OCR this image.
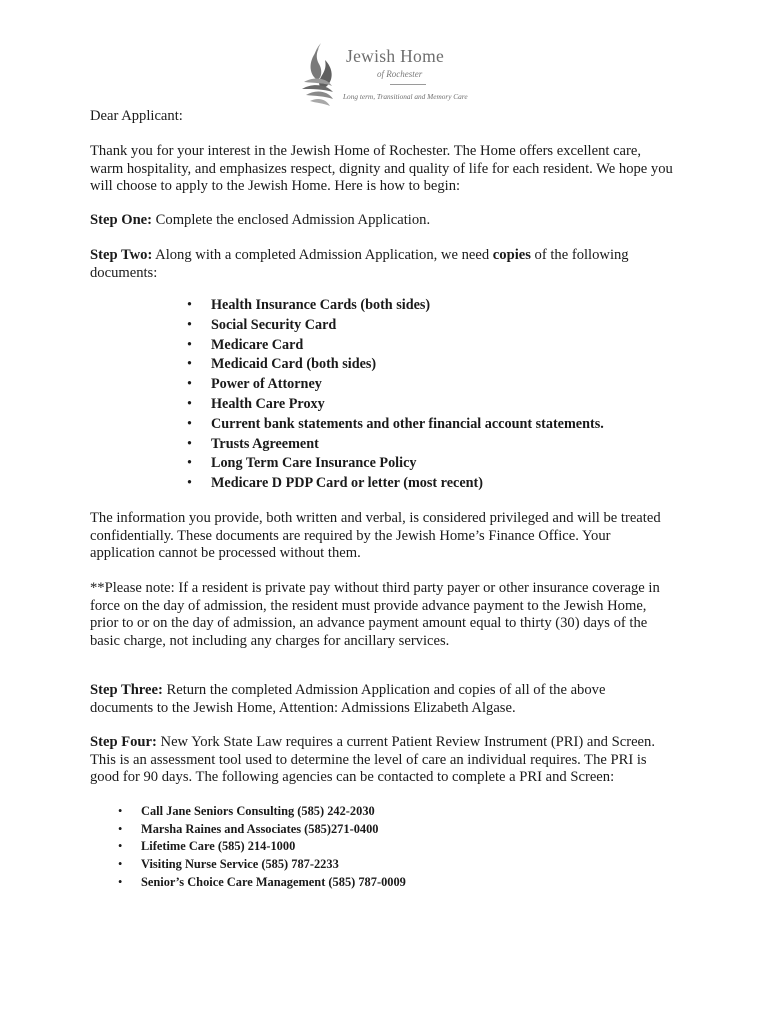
Jewish Home
of Rochester
Long term, Transitional and Memory Care

Dear Applicant:

Thank you for your interest in the Jewish Home of Rochester. The Home offers excellent care,
warm hospitality, and emphasizes respect, dignity and quality of life for each resident. We hope you
will choose to apply to the Jewish Home. Here is how to begin:

Step One: Complete the enclosed Admission Application.

Step Two: Along with a completed Admission Application, we need copies of the following
documents:

• Health Insurance Cards (both sides)
• Social Security Card
• Medicare Card
• Medicaid Card (both sides)
• Power of Attorney
• Health Care Proxy
• Current bank statements and other financial account statements.
• Trusts Agreement
• Long Term Care Insurance Policy
• Medicare D PDP Card or letter (most recent)

The information you provide, both written and verbal, is considered privileged and will be treated
confidentially. These documents are required by the Jewish Home’s Finance Office. Your
application cannot be processed without them.

**Please note: If a resident is private pay without third party payer or other insurance coverage in
force on the day of admission, the resident must provide advance payment to the Jewish Home,
prior to or on the day of admission, an advance payment amount equal to thirty (30) days of the
basic charge, not including any charges for ancillary services.

Step Three: Return the completed Admission Application and copies of all of the above
documents to the Jewish Home, Attention: Admissions Elizabeth Algase.

Step Four: New York State Law requires a current Patient Review Instrument (PRI) and Screen.
This is an assessment tool used to determine the level of care an individual requires. The PRI is
good for 90 days. The following agencies can be contacted to complete a PRI and Screen:

• Call Jane Seniors Consulting (585) 242-2030
• Marsha Raines and Associates (585)271-0400
• Lifetime Care (585) 214-1000
• Visiting Nurse Service (585) 787-2233
• Senior’s Choice Care Management (585) 787-0009
